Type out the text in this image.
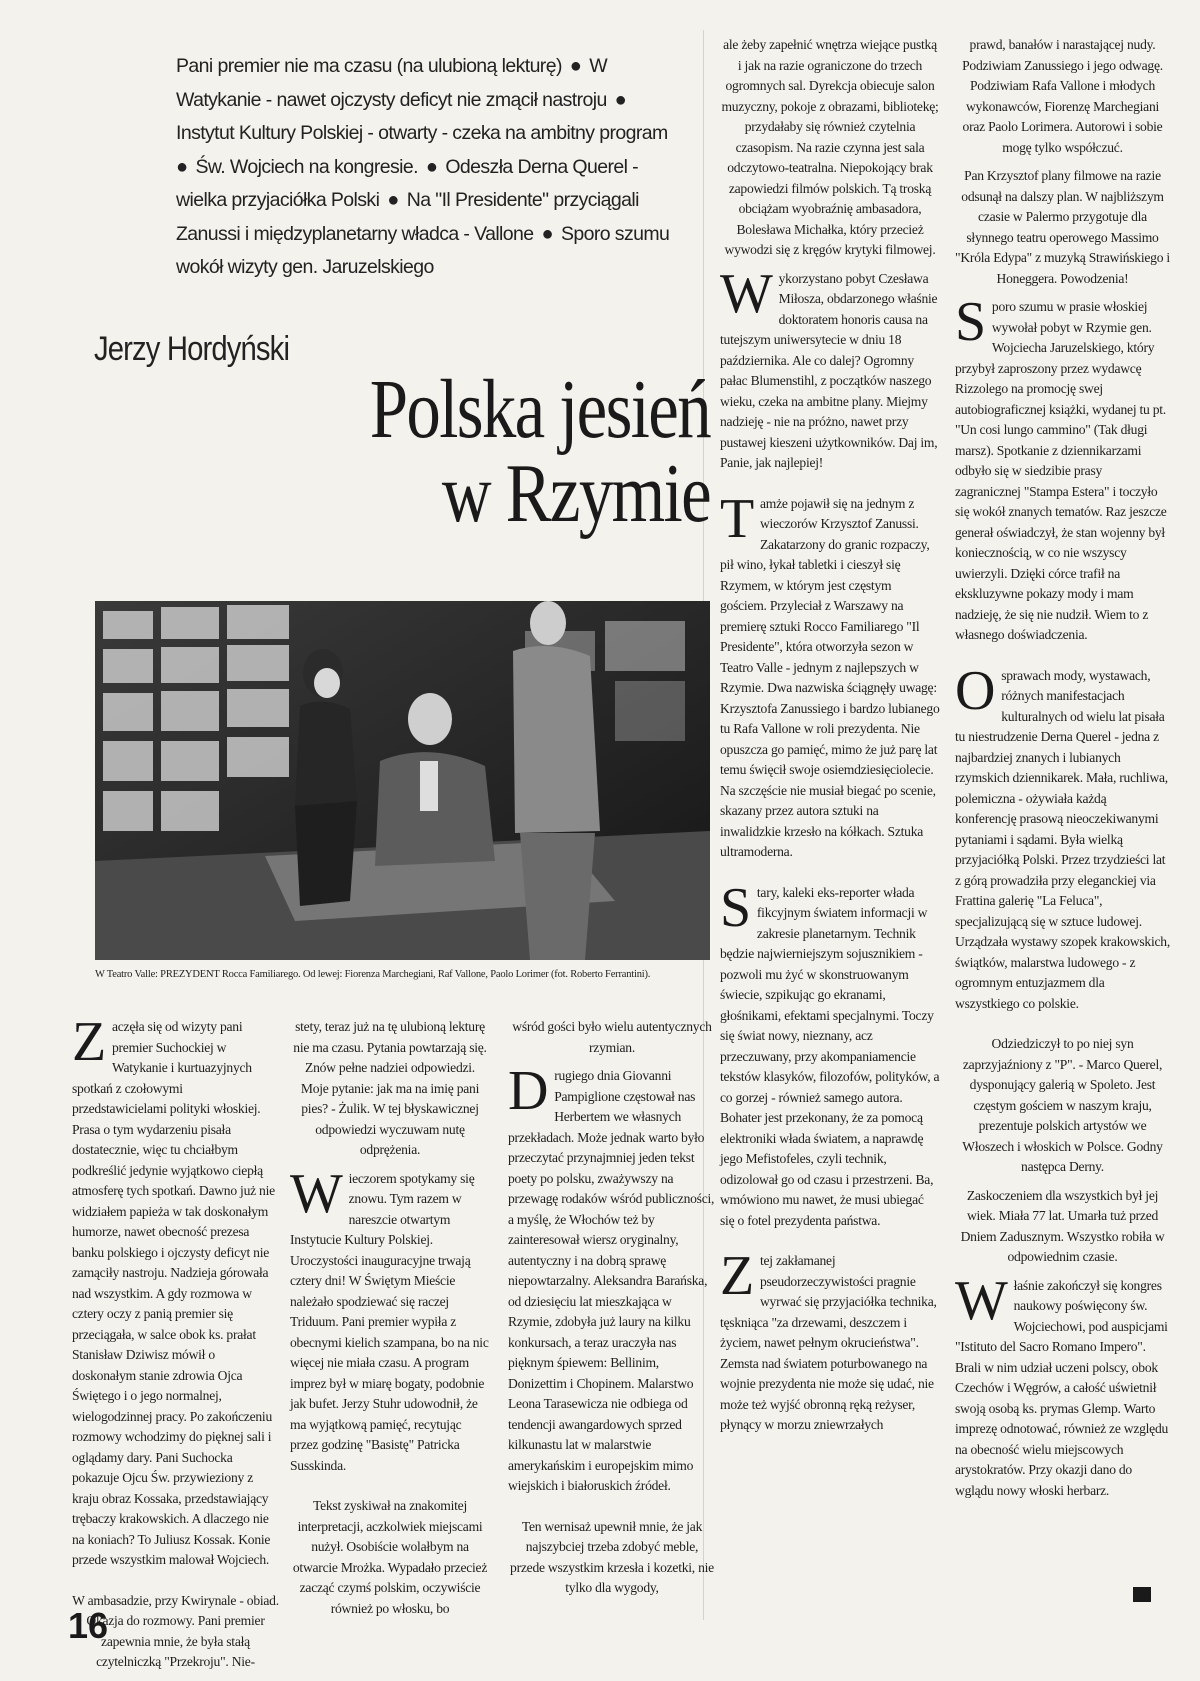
Pani premier nie ma czasu (na ulubioną lekturę) ● W Watykanie - nawet ojczysty deficyt nie zmącił nastroju ● Instytut Kultury Polskiej - otwarty - czeka na ambitny program ● Św. Wojciech na kongresie. ● Odeszła Derna Querel - wielka przyjaciółka Polski ● Na "Il Presidente" przyciągali Zanussi i międzyplanetarny władca - Vallone ● Sporo szumu wokół wizyty gen. Jaruzelskiego
Jerzy Hordyński
Polska jesień
w Rzymie
W Teatro Valle: PREZYDENT Rocca Familiarego. Od lewej: Fiorenza Marchegiani, Raf Vallone, Paolo Lorimer (fot. Roberto Ferrantini).

Zaczęła się od wizyty pani premier Suchockiej w Watykanie i kurtuazyjnych spotkań z czołowymi przedstawicielami polityki włoskiej. Prasa o tym wydarzeniu pisała dostatecznie, więc tu chciałbym podkreślić jedynie wyjątkowo ciepłą atmosferę tych spotkań. Dawno już nie widziałem papieża w tak doskonałym humorze, nawet obecność prezesa banku polskiego i ojczysty deficyt nie zamąciły nastroju. Nadzieja górowała nad wszystkim. A gdy rozmowa w cztery oczy z panią premier się przeciągała, w salce obok ks. prałat Stanisław Dziwisz mówił o doskonałym stanie zdrowia Ojca Świętego i o jego normalnej, wielogodzinnej pracy. Po zakończeniu rozmowy wchodzimy do pięknej sali i oglądamy dary. Pani Suchocka pokazuje Ojcu Św. przywieziony z kraju obraz Kossaka, przedstawiający trębaczy krakowskich. A dlaczego nie na koniach? To Juliusz Kossak. Konie przede wszystkim malował Wojciech.

W ambasadzie, przy Kwirynale - obiad. Okazja do rozmowy. Pani premier zapewnia mnie, że była stałą czytelniczką "Przekroju". Nie-

stety, teraz już na tę ulubioną lekturę nie ma czasu. Pytania powtarzają się. Znów pełne nadziei odpowiedzi. Moje pytanie: jak ma na imię pani pies? - Żulik. W tej błyskawicznej odpowiedzi wyczuwam nutę odprężenia.

Wieczorem spotykamy się znowu. Tym razem w nareszcie otwartym Instytucie Kultury Polskiej. Uroczystości inauguracyjne trwają cztery dni! W Świętym Mieście należało spodziewać się raczej Triduum. Pani premier wypiła z obecnymi kielich szampana, bo na nic więcej nie miała czasu. A program imprez był w miarę bogaty, podobnie jak bufet. Jerzy Stuhr udowodnił, że ma wyjątkową pamięć, recytując przez godzinę "Basistę" Patricka Susskinda.

Tekst zyskiwał na znakomitej interpretacji, aczkolwiek miejscami nużył. Osobiście wolałbym na otwarcie Mrożka. Wypadało przecież zacząć czymś polskim, oczywiście również po włosku, bo

wśród gości było wielu autentycznych rzymian.

Drugiego dnia Giovanni Pampiglione częstował nas Herbertem we własnych przekładach. Może jednak warto było przeczytać przynajmniej jeden tekst poety po polsku, zważywszy na przewagę rodaków wśród publiczności, a myślę, że Włochów też by zainteresował wiersz oryginalny, autentyczny i na dobrą sprawę niepowtarzalny. Aleksandra Barańska, od dziesięciu lat mieszkająca w Rzymie, zdobyła już laury na kilku konkursach, a teraz uraczyła nas pięknym śpiewem: Bellinim, Donizettim i Chopinem. Malarstwo Leona Tarasewicza nie odbiega od tendencji awangardowych sprzed kilkunastu lat w malarstwie amerykańskim i europejskim mimo wiejskich i białoruskich źródeł.

Ten wernisaż upewnił mnie, że jak najszybciej trzeba zdobyć meble, przede wszystkim krzesła i kozetki, nie tylko dla wygody,

ale żeby zapełnić wnętrza wiejące pustką i jak na razie ograniczone do trzech ogromnych sal. Dyrekcja obiecuje salon muzyczny, pokoje z obrazami, bibliotekę; przydałaby się również czytelnia czasopism. Na razie czynna jest sala odczytowo-teatralna. Niepokojący brak zapowiedzi filmów polskich. Tą troską obciążam wyobraźnię ambasadora, Bolesława Michałka, który przecież wywodzi się z kręgów krytyki filmowej.

Wykorzystano pobyt Czesława Miłosza, obdarzonego właśnie doktoratem honoris causa na tutejszym uniwersytecie w dniu 18 października. Ale co dalej? Ogromny pałac Blumenstihl, z początków naszego wieku, czeka na ambitne plany. Miejmy nadzieję - nie na próżno, nawet przy pustawej kieszeni użytkowników. Daj im, Panie, jak najlepiej!

Tamże pojawił się na jednym z wieczorów Krzysztof Zanussi. Zakatarzony do granic rozpaczy, pił wino, łykał tabletki i cieszył się Rzymem, w którym jest częstym gościem. Przyleciał z Warszawy na premierę sztuki Rocco Familiarego "Il Presidente", która otworzyła sezon w Teatro Valle - jednym z najlepszych w Rzymie. Dwa nazwiska ściągnęły uwagę: Krzysztofa Zanussiego i bardzo lubianego tu Rafa Vallone w roli prezydenta. Nie opuszcza go pamięć, mimo że już parę lat temu święcił swoje osiemdziesięciolecie. Na szczęście nie musiał biegać po scenie, skazany przez autora sztuki na inwalidzkie krzesło na kółkach. Sztuka ultramoderna.

Stary, kaleki eks-reporter włada fikcyjnym światem informacji w zakresie planetarnym. Technik będzie najwierniejszym sojusznikiem - pozwoli mu żyć w skonstruowanym świecie, szpikując go ekranami, głośnikami, efektami specjalnymi. Toczy się świat nowy, nieznany, acz przeczuwany, przy akompaniamencie tekstów klasyków, filozofów, polityków, a co gorzej - również samego autora. Bohater jest przekonany, że za pomocą elektroniki włada światem, a naprawdę jego Mefistofeles, czyli technik, odizolował go od czasu i przestrzeni. Ba, wmówiono mu nawet, że musi ubiegać się o fotel prezydenta państwa.

Ztej zakłamanej pseudorzeczywistości pragnie wyrwać się przyjaciółka technika, tęskniąca "za drzewami, deszczem i życiem, nawet pełnym okrucieństwa". Zemsta nad światem poturbowanego na wojnie prezydenta nie może się udać, nie może też wyjść obronną ręką reżyser, płynący w morzu zniewrzałych

prawd, banałów i narastającej nudy. Podziwiam Zanussiego i jego odwagę. Podziwiam Rafa Vallone i młodych wykonawców, Fiorenzę Marchegiani oraz Paolo Lorimera. Autorowi i sobie mogę tylko współczuć.

Pan Krzysztof plany filmowe na razie odsunął na dalszy plan. W najbliższym czasie w Palermo przygotuje dla słynnego teatru operowego Massimo "Króla Edypa" z muzyką Strawińskiego i Honeggera. Powodzenia!

Sporo szumu w prasie włoskiej wywołał pobyt w Rzymie gen. Wojciecha Jaruzelskiego, który przybył zaproszony przez wydawcę Rizzolego na promocję swej autobiograficznej książki, wydanej tu pt. "Un cosi lungo cammino" (Tak długi marsz). Spotkanie z dziennikarzami odbyło się w siedzibie prasy zagranicznej "Stampa Estera" i toczyło się wokół znanych tematów. Raz jeszcze generał oświadczył, że stan wojenny był koniecznością, w co nie wszyscy uwierzyli. Dzięki córce trafił na ekskluzywne pokazy mody i mam nadzieję, że się nie nudził. Wiem to z własnego doświadczenia.

Osprawach mody, wystawach, różnych manifestacjach kulturalnych od wielu lat pisała tu niestrudzenie Derna Querel - jedna z najbardziej znanych i lubianych rzymskich dziennikarek. Mała, ruchliwa, polemiczna - ożywiała każdą konferencję prasową nieoczekiwanymi pytaniami i sądami. Była wielką przyjaciółką Polski. Przez trzydzieści lat z górą prowadziła przy eleganckiej via Frattina galerię "La Feluca", specjalizującą się w sztuce ludowej. Urządzała wystawy szopek krakowskich, świątków, malarstwa ludowego - z ogromnym entuzjazmem dla wszystkiego co polskie.

Odziedziczył to po niej syn zaprzyjaźniony z "P". - Marco Querel, dysponujący galerią w Spoleto. Jest częstym gościem w naszym kraju, prezentuje polskich artystów we Włoszech i włoskich w Polsce. Godny następca Derny.

Zaskoczeniem dla wszystkich był jej wiek. Miała 77 lat. Umarła tuż przed Dniem Zadusznym. Wszystko robiła w odpowiednim czasie.

Właśnie zakończył się kongres naukowy poświęcony św. Wojciechowi, pod auspicjami "Istituto del Sacro Romano Impero". Brali w nim udział uczeni polscy, obok Czechów i Węgrów, a całość uświetnił swoją osobą ks. prymas Glemp. Warto imprezę odnotować, również ze względu na obecność wielu miejscowych arystokratów. Przy okazji dano do wglądu nowy włoski herbarz.

16
